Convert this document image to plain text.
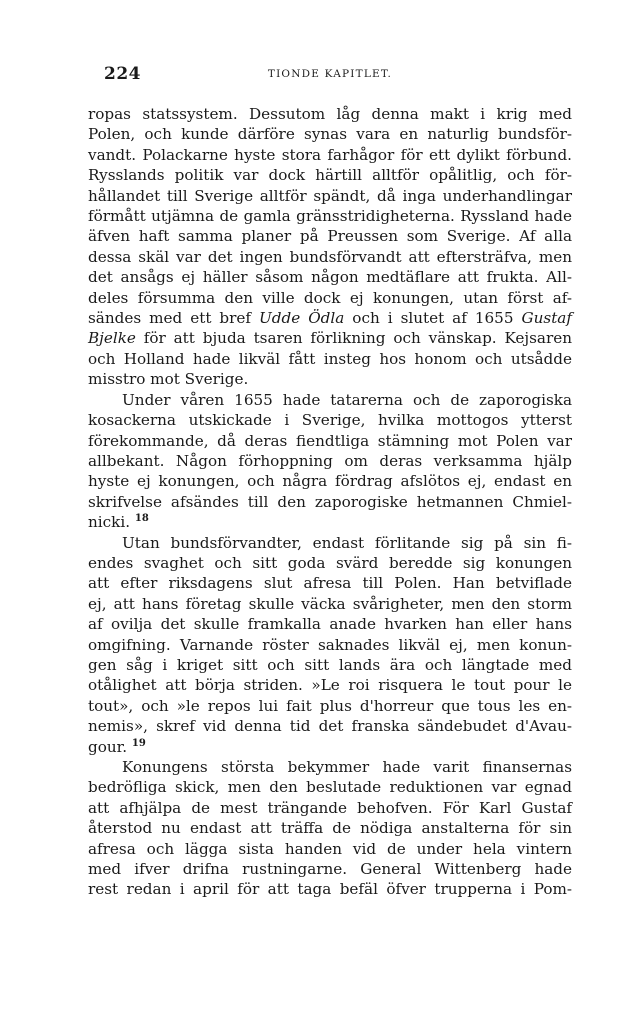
224	TIONDE KAPITLET.
ropas statssystem. Dessutom låg denna makt i krig med
Polen, och kunde därföre synas vara en naturlig bundsför-
vandt. Polackarne hyste stora farhågor för ett dylikt förbund.
Rysslands politik var dock härtill alltför opålitlig, och för-
hållandet till Sverige alltför spändt, då inga underhandlingar
förmått utjämna de gamla gränsstridigheterna. Ryssland hade
äfven haft samma planer på Preussen som Sverige. Af alla
dessa skäl var det ingen bundsförvandt att eftersträfva, men
det ansågs ej häller såsom någon medtäflare att frukta. All-
deles försumma den ville dock ej konungen, utan först af-
sändes med ett bref Udde Ödla och i slutet af 1655 Gustaf
Bjelke för att bjuda tsaren förlikning och vänskap. Kejsaren
och Holland hade likväl fått insteg hos honom och utsådde
misstro mot Sverige.
Under våren 1655 hade tatarerna och de zaporogiska
kosackerna utskickade i Sverige, hvilka mottogos ytterst
förekommande, då deras fiendtliga stämning mot Polen var
allbekant. Någon förhoppning om deras verksamma hjälp
hyste ej konungen, och några fördrag afslötos ej, endast en
skrifvelse afsändes till den zaporogiske hetmannen Chmiel-
nicki. $^{18}$
Utan bundsförvandter, endast förlitande sig på sin fi-
endes svaghet och sitt goda svärd beredde sig konungen
att efter riksdagens slut afresa till Polen. Han betviflade
ej, att hans företag skulle väcka svårigheter, men den storm
af ovilja det skulle framkalla anade hvarken han eller hans
omgifning. Varnande röster saknades likväl ej, men konun-
gen såg i kriget sitt och sitt lands ära och längtade med
otålighet att börja striden. »Le roi risquera le tout pour le
tout», och »le repos lui fait plus d'horreur que tous les en-
nemis», skref vid denna tid det franska sändebudet d'Avau-
gour. $^{19}$
Konungens största bekymmer hade varit finansernas
bedröfliga skick, men den beslutade reduktionen var egnad
att afhjälpa de mest trängande behofven. För Karl Gustaf
återstod nu endast att träffa de nödiga anstalterna för sin
afresa och lägga sista handen vid de under hela vintern
med ifver drifna rustningarne. General Wittenberg hade
rest redan i april för att taga befäl öfver trupperna i Pom-
